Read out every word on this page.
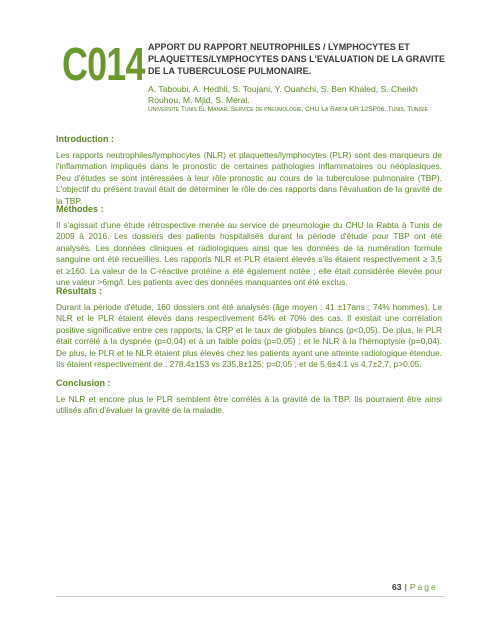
C014 APPORT DU RAPPORT NEUTROPHILES / LYMPHOCYTES ET PLAQUETTES/LYMPHOCYTES DANS L'EVALUATION DE LA GRAVITE DE LA TUBERCULOSE PULMONAIRE.
A. Taboubi, A. Hedhli, S. Toujani, Y. Ouahchi, S. Ben Khaled, S. Cheikh Rouhou, M. Mjid, S. Merai.
Universite Tunis El Manar. Service de pneumologie, CHU La Rabta UR 12SP06. Tunis, Tunisie
Introduction :
Les rapports neutrophiles/lymphocytes (NLR) et plaquettes/lymphocytes (PLR) sont des marqueurs de l'inflammation impliqués dans le pronostic de certaines pathologies inflammatoires ou néoplasiques. Peu d'études se sont intéressées à leur rôle pronostic au cours de la tuberculose pulmonaire (TBP). L'objectif du présent travail était de déterminer le rôle de ces rapports dans l'évaluation de la gravité de la TBP.
Méthodes :
Il s'agissait d'une étude rétrospective menée au service de pneumologie du CHU la Rabta à Tunis de 2009 à 2016. Les dossiers des patients hospitalisés durant la période d'étude pour TBP ont été analysés. Les données cliniques et radiologiques ainsi que les données de la numération formule sanguine ont été recueillies. Les rapports NLR et PLR étaient élevés s'ils étaient respectivement ≥ 3,5 et ≥160. La valeur de la C-réactive protéine a été également notée ; elle était considérée élevée pour une valeur >6mg/l. Les patients avec des données manquantes ont été exclus.
Résultats :
Durant la période d'étude, 160 dossiers ont été analysés (âge moyen : 41 ±17ans ; 74% hommes). Le NLR et le PLR étaient élevés dans respectivement 64% et 70% des cas. Il existait une corrélation positive significative entre ces rapports, la CRP et le taux de globules blancs (p<0,05). De plus, le PLR était corrélé à la dyspnée (p=0,04) et à un faible poids (p=0,05) ; et le NLR à la l'hémoptysie (p=0,04). De plus, le PLR et le NLR étaient plus élevés chez les patients ayant une atteinte radiologique étendue. Ils étaient respectivement de : 278.4±153 vs 235,8±125; p=0,05 ; et de 5,6±4.1 vs 4,7±2,7, p>0.05.
Conclusion :
Le NLR et encore plus le PLR semblent être corrélés à la gravité de la TBP. Ils pourraient être ainsi utilisés afin d'évaluer la gravité de la maladie.
63 | Page
